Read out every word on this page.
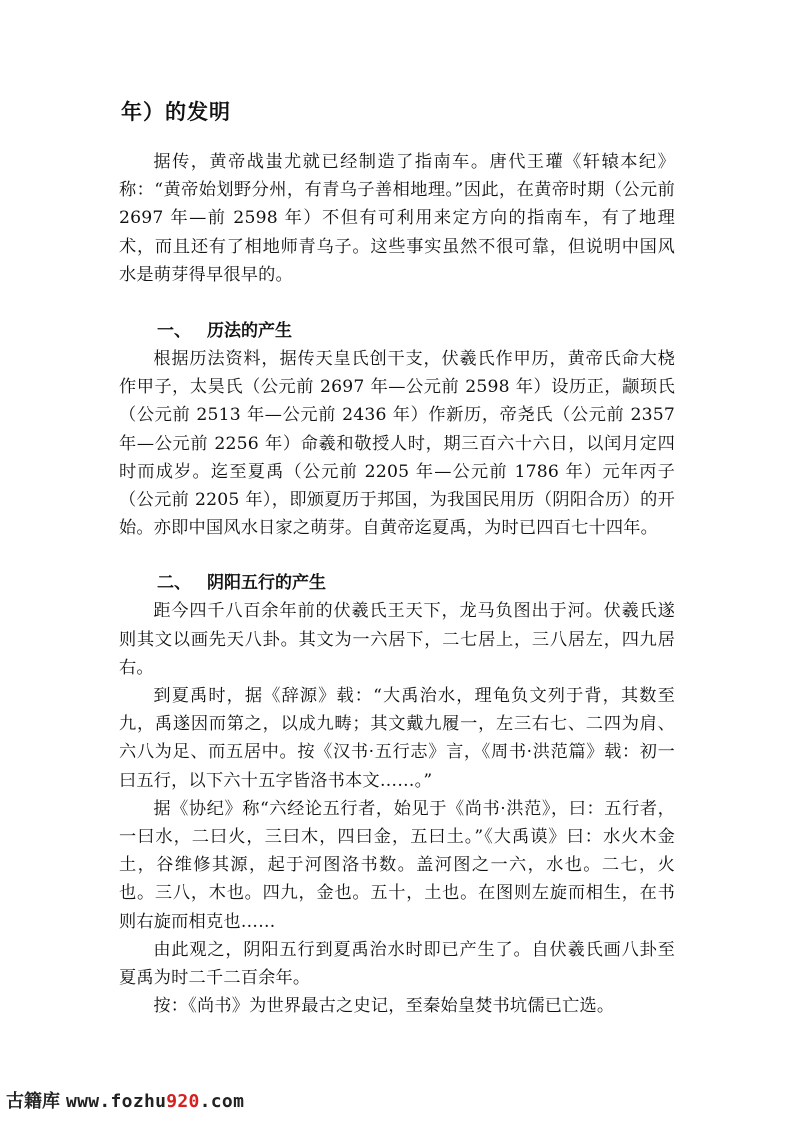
年）的发明

据传，黄帝战蚩尤就已经制造了指南车。唐代王瓘《轩辕本纪》称：“黄帝始划野分州，有青乌子善相地理。”因此，在黄帝时期（公元前 2697 年—前 2598 年）不但有可利用来定方向的指南车，有了地理术，而且还有了相地师青乌子。这些事实虽然不很可靠，但说明中国风水是萌芽得早很早的。

一、 历法的产生

根据历法资料，据传天皇氏创干支，伏羲氏作甲历，黄帝氏命大桡作甲子，太昊氏（公元前 2697 年—公元前 2598 年）设历正，颛顼氏（公元前 2513 年—公元前 2436 年）作新历，帝尧氏（公元前 2357 年—公元前 2256 年）命羲和敬授人时，期三百六十六日，以闰月定四时而成岁。迄至夏禹（公元前 2205 年—公元前 1786 年）元年丙子（公元前 2205 年），即颁夏历于邦国，为我国民用历（阴阳合历）的开始。亦即中国风水日家之萌芽。自黄帝迄夏禹，为时已四百七十四年。

二、 阴阳五行的产生

距今四千八百余年前的伏羲氏王天下，龙马负图出于河。伏羲氏遂则其文以画先天八卦。其文为一六居下，二七居上，三八居左，四九居右。

到夏禹时，据《辞源》载：“大禹治水，理龟负文列于背，其数至九，禹遂因而第之，以成九畴；其文戴九履一，左三右七、二四为肩、六八为足、而五居中。按《汉书·五行志》言，《周书·洪范篇》载：初一曰五行，以下六十五字皆洛书本文……。”

据《协纪》称“六经论五行者，始见于《尚书·洪范》，曰：五行者，一曰水，二曰火，三曰木，四曰金，五曰土。”《大禹谟》曰：水火木金土，谷维修其源，起于河图洛书数。盖河图之一六，水也。二七，火也。三八，木也。四九，金也。五十，土也。在图则左旋而相生，在书则右旋而相克也……

由此观之，阴阳五行到夏禹治水时即已产生了。自伏羲氏画八卦至夏禹为时二千二百余年。

按：《尚书》为世界最古之史记，至秦始皇焚书坑儒已亡选。

古籍库 www.fozhu920.com
